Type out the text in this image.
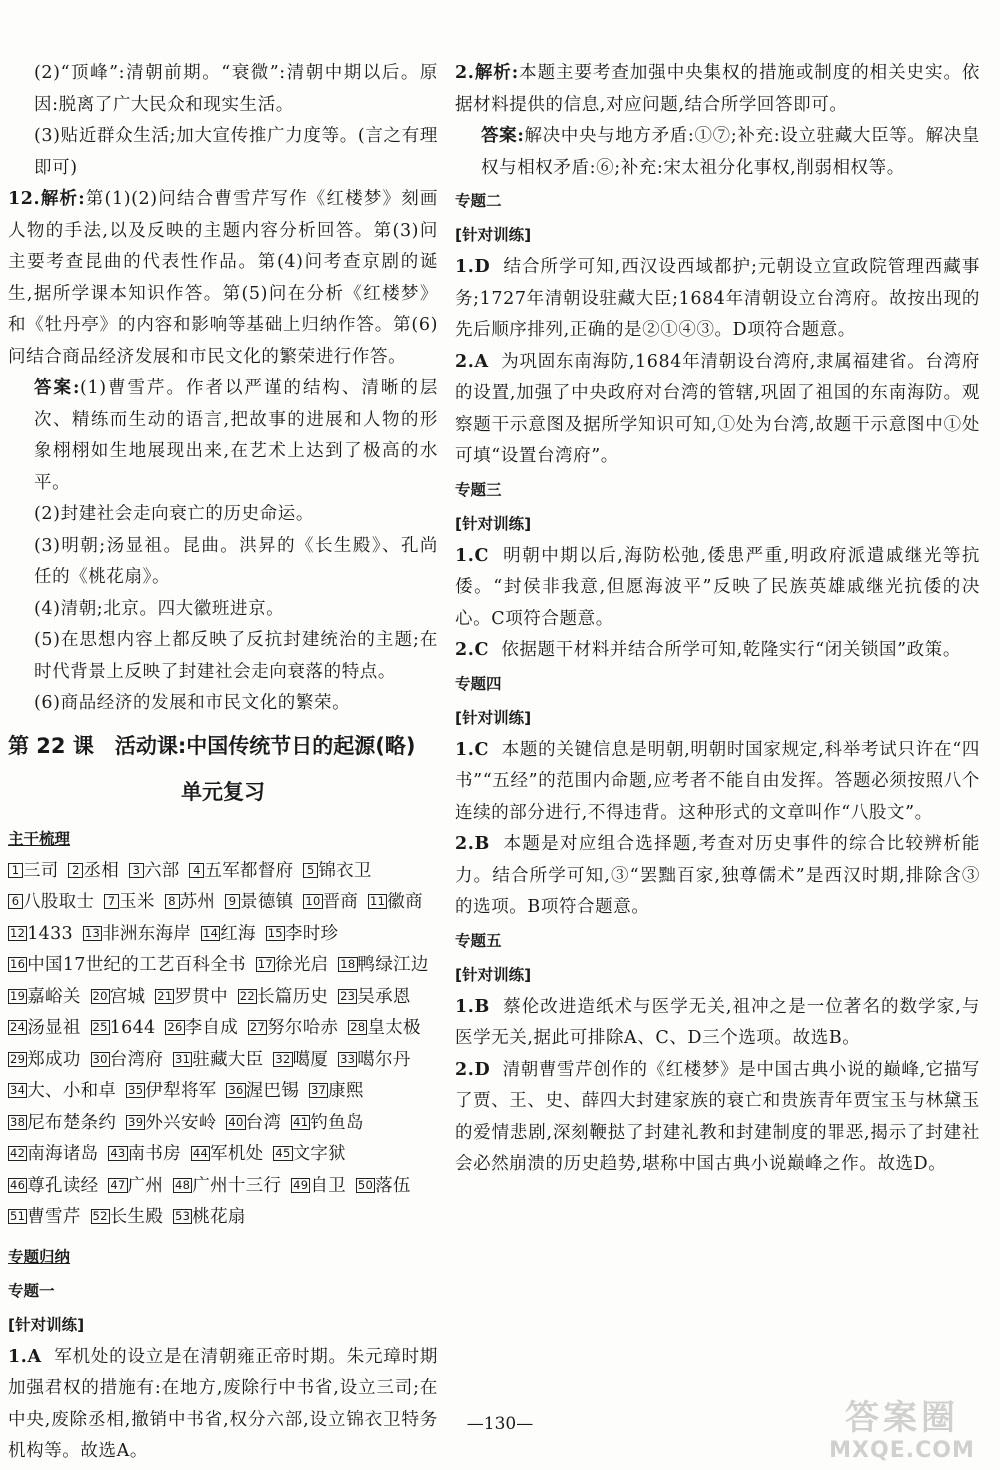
(2)“顶峰”:清朝前期。“衰微”:清朝中期以后。原因:脱离了广大民众和现实生活。

(3)贴近群众生活;加大宣传推广力度等。(言之有理即可)

12.解析:第(1)(2)问结合曹雪芹写作《红楼梦》刻画人物的手法,以及反映的主题内容分析回答。第(3)问主要考查昆曲的代表性作品。第(4)问考查京剧的诞生,据所学课本知识作答。第(5)问在分析《红楼梦》和《牡丹亭》的内容和影响等基础上归纳作答。第(6)问结合商品经济发展和市民文化的繁荣进行作答。

答案:(1)曹雪芹。作者以严谨的结构、清晰的层次、精练而生动的语言,把故事的进展和人物的形象栩栩如生地展现出来,在艺术上达到了极高的水平。

(2)封建社会走向衰亡的历史命运。

(3)明朝;汤显祖。昆曲。洪昇的《长生殿》、孔尚任的《桃花扇》。

(4)清朝;北京。四大徽班进京。

(5)在思想内容上都反映了反抗封建统治的主题;在时代背景上反映了封建社会走向衰落的特点。

(6)商品经济的发展和市民文化的繁荣。

第 22 课　活动课:中国传统节日的起源(略)
单元复习
主干梳理
1 三司 2 丞相 3 六部 4 五军都督府 5 锦衣卫 6 八股取士 7 玉米 8 苏州 9 景德镇 10 晋商 11 徽商 12 1433 13 非洲东海岸 14 红海 15 李时珍 16 中国17世纪的工艺百科全书 17 徐光启 18 鸭绿江边 19 嘉峪关 20 宫城 21 罗贯中 22 长篇历史 23 吴承恩 24 汤显祖 25 1644 26 李自成 27 努尔哈赤 28 皇太极 29 郑成功 30 台湾府 31 驻藏大臣 32 噶厦 33 噶尔丹 34 大、小和卓 35 伊犁将军 36 渥巴锡 37 康熙 38 尼布楚条约 39 外兴安岭 40 台湾 41 钓鱼岛 42 南海诸岛 43 南书房 44 军机处 45 文字狱 46 尊孔读经 47 广州 48 广州十三行 49 自卫 50 落伍 51 曹雪芹 52 长生殿 53 桃花扇
专题归纳
专题一
[针对训练]

1.A 军机处的设立是在清朝雍正帝时期。朱元璋时期加强君权的措施有:在地方,废除行中书省,设立三司;在中央,废除丞相,撤销中书省,权分六部,设立锦衣卫特务机构等。故选A。

2.解析:本题主要考查加强中央集权的措施或制度的相关史实。依据材料提供的信息,对应问题,结合所学回答即可。

答案:解决中央与地方矛盾:①⑦;补充:设立驻藏大臣等。解决皇权与相权矛盾:⑥;补充:宋太祖分化事权,削弱相权等。

专题二
[针对训练]

1.D 结合所学可知,西汉设西域都护;元朝设立宣政院管理西藏事务;1727年清朝设驻藏大臣;1684年清朝设立台湾府。故按出现的先后顺序排列,正确的是②①④③。D项符合题意。

2.A 为巩固东南海防,1684年清朝设台湾府,隶属福建省。台湾府的设置,加强了中央政府对台湾的管辖,巩固了祖国的东南海防。观察题干示意图及据所学知识可知,①处为台湾,故题干示意图中①处可填“设置台湾府”。

专题三
[针对训练]

1.C 明朝中期以后,海防松弛,倭患严重,明政府派遣戚继光等抗倭。“封侯非我意,但愿海波平”反映了民族英雄戚继光抗倭的决心。C项符合题意。

2.C 依据题干材料并结合所学可知,乾隆实行“闭关锁国”政策。

专题四
[针对训练]

1.C 本题的关键信息是明朝,明朝时国家规定,科举考试只许在“四书”“五经”的范围内命题,应考者不能自由发挥。答题必须按照八个连续的部分进行,不得违背。这种形式的文章叫作“八股文”。

2.B 本题是对应组合选择题,考查对历史事件的综合比较辨析能力。结合所学可知,③“罢黜百家,独尊儒术”是西汉时期,排除含③的选项。B项符合题意。

专题五
[针对训练]

1.B 蔡伦改进造纸术与医学无关,祖冲之是一位著名的数学家,与医学无关,据此可排除A、C、D三个选项。故选B。

2.D 清朝曹雪芹创作的《红楼梦》是中国古典小说的巅峰,它描写了贾、王、史、薛四大封建家族的衰亡和贵族青年贾宝玉与林黛玉的爱情悲剧,深刻鞭挞了封建礼教和封建制度的罪恶,揭示了封建社会必然崩溃的历史趋势,堪称中国古典小说巅峰之作。故选D。

—130—	答案圈
MXQE.COM
